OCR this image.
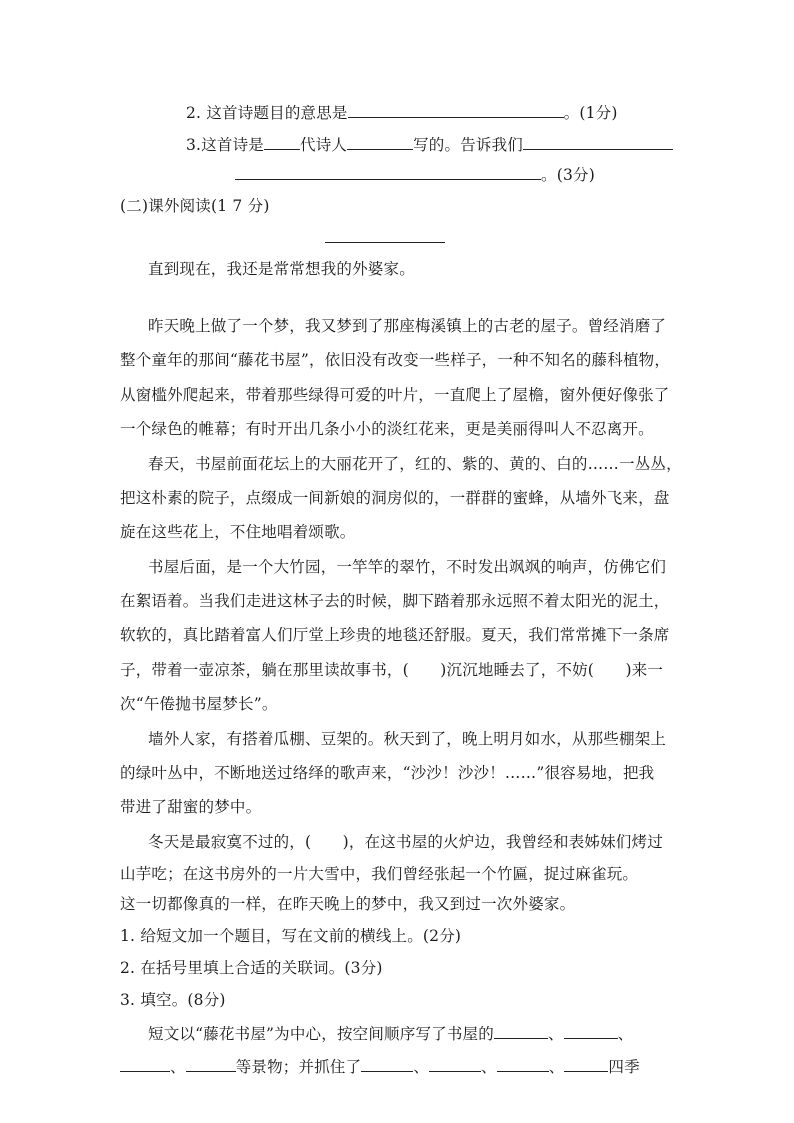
2. 这首诗题目的意思是	。(1分)
3.这首诗是 代诗人	写的。告诉我们
。(3分)
(二)课外阅读(1 7 分)
直到现在，我还是常常想我的外婆家。
昨天晚上做了一个梦，我又梦到了那座梅溪镇上的古老的屋子。曾经消磨了
整个童年的那间“藤花书屋”，依旧没有改变一些样子，一种不知名的藤科植物，
从窗槛外爬起来，带着那些绿得可爱的叶片，一直爬上了屋檐，窗外便好像张了
一个绿色的帷幕；有时开出几条小小的淡红花来，更是美丽得叫人不忍离开。
春天，书屋前面花坛上的大丽花开了，红的、紫的、黄的、白的……一丛丛，
把这朴素的院子，点缀成一间新娘的洞房似的，一群群的蜜蜂，从墙外飞来，盘
旋在这些花上，不住地唱着颂歌。
书屋后面，是一个大竹园，一竿竿的翠竹，不时发出飒飒的响声，仿佛它们
在絮语着。当我们走进这林子去的时候，脚下踏着那永远照不着太阳光的泥土，
软软的，真比踏着富人们厅堂上珍贵的地毯还舒服。夏天，我们常常摊下一条席
子，带着一壶凉茶，躺在那里读故事书，(　　)沉沉地睡去了，不妨(　　)来一
次“午倦抛书屋梦长”。
墙外人家，有搭着瓜棚、豆架的。秋天到了，晚上明月如水，从那些棚架上
的绿叶丛中，不断地送过络绎的歌声来，“沙沙！沙沙！……”很容易地，把我
带进了甜蜜的梦中。
冬天是最寂寞不过的，(　　)，在这书屋的火炉边，我曾经和表姊妹们烤过
山芋吃；在这书房外的一片大雪中，我们曾经张起一个竹匾，捉过麻雀玩。
这一切都像真的一样，在昨天晚上的梦中，我又到过一次外婆家。
1. 给短文加一个题目，写在文前的横线上。(2分)
2. 在括号里填上合适的关联词。(3分)
3. 填空。(8分)
短文以“藤花书屋”为中心，按空间顺序写了书屋的	、	、
、	等景物；并抓住了	、	、	、	四季
